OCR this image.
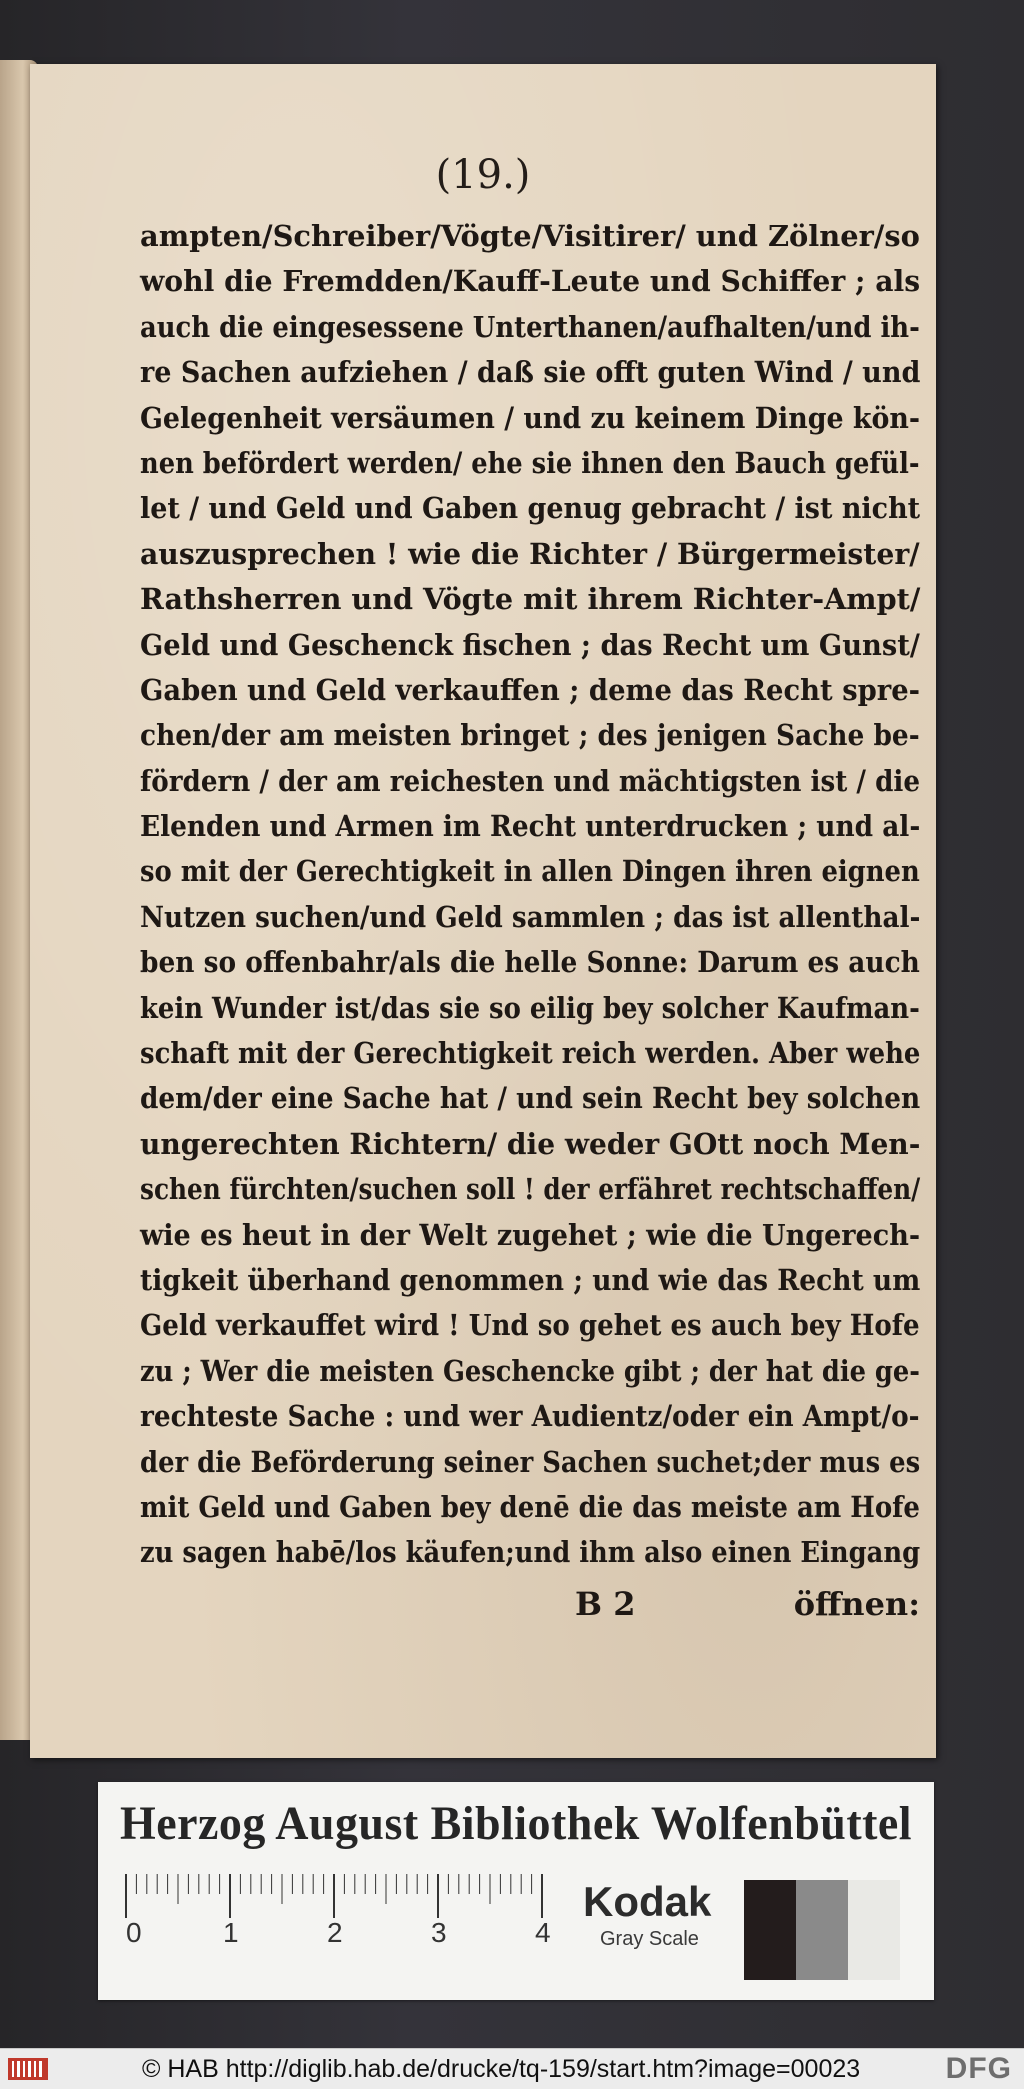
(19.)
ampten/Schreiber/Vögte/Visitirer/ und Zölner/so
wohl die Fremdden/Kauff-Leute und Schiffer ; als
auch die eingesessene Unterthanen/aufhalten/und ih-
re Sachen aufziehen / daß sie offt guten Wind / und
Gelegenheit versäumen / und zu keinem Dinge kön-
nen befördert werden/ ehe sie ihnen den Bauch gefül-
let / und Geld und Gaben genug gebracht / ist nicht
auszusprechen ! wie die Richter / Bürgermeister/
Rathsherren und Vögte mit ihrem Richter-Ampt/
Geld und Geschenck fischen ; das Recht um Gunst/
Gaben und Geld verkauffen ; deme das Recht spre-
chen/der am meisten bringet ; des jenigen Sache be-
fördern / der am reichesten und mächtigsten ist / die
Elenden und Armen im Recht unterdrucken ; und al-
so mit der Gerechtigkeit in allen Dingen ihren eignen
Nutzen suchen/und Geld sammlen ; das ist allenthal-
ben so offenbahr/als die helle Sonne: Darum es auch
kein Wunder ist/das sie so eilig bey solcher Kaufman-
schaft mit der Gerechtigkeit reich werden. Aber wehe
dem/der eine Sache hat / und sein Recht bey solchen
ungerechten Richtern/ die weder GOtt noch Men-
schen fürchten/suchen soll ! der erfähret rechtschaffen/
wie es heut in der Welt zugehet ; wie die Ungerech-
tigkeit überhand genommen ; und wie das Recht um
Geld verkauffet wird ! Und so gehet es auch bey Hofe
zu ; Wer die meisten Geschencke gibt ; der hat die ge-
rechteste Sache : und wer Audientz/oder ein Ampt/o-
der die Beförderung seiner Sachen suchet;der mus es
mit Geld und Gaben bey denē die das meiste am Hofe
zu sagen habē/los käufen;und ihm also einen Eingang
B 2	öffnen:
Herzog August Bibliothek Wolfenbüttel
0	1	2	3	4
Kodak
Gray Scale
© HAB http://diglib.hab.de/drucke/tq-159/start.htm?image=00023	DFG
